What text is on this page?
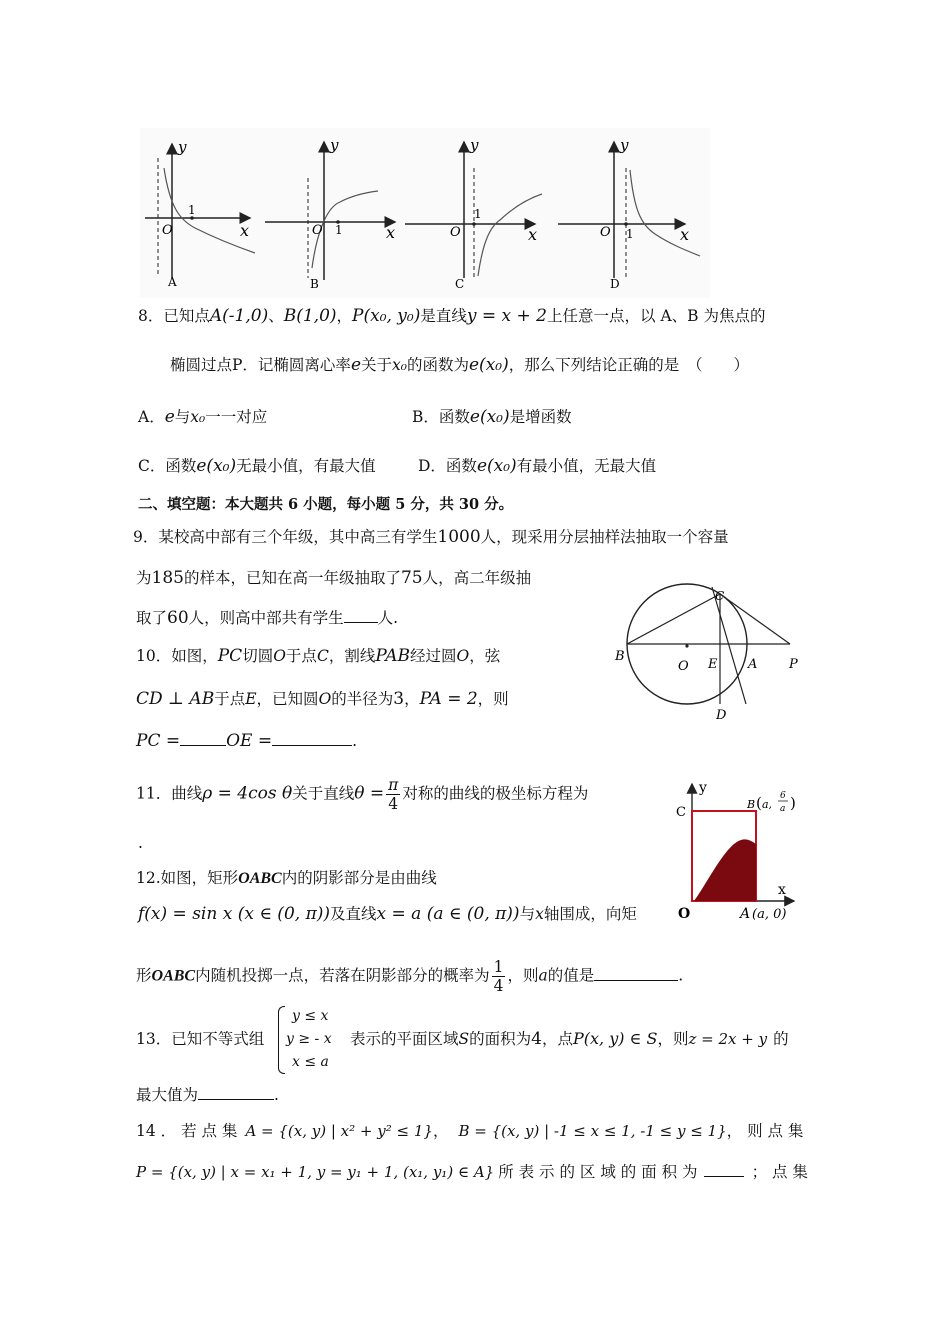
y
x
O
1
A
y
x
O 1
B
y
x
O
1
C
y
x
O 1
D
8．已知点A(-1,0)、B(1,0)，P(x₀, y₀)是直线y = x + 2上任意一点，以 A、B 为焦点的
椭圆过点P．记椭圆离心率e关于x₀的函数为e(x₀)，那么下列结论正确的是　（　　）
A．e与x₀一一对应	B．函数e(x₀)是增函数
C．函数e(x₀)无最小值，有最大值	D．函数e(x₀)有最小值，无最大值
二、填空题：本大题共 6 小题，每小题 5 分，共 30 分。
9．某校高中部有三个年级，其中高三有学生1000人，现采用分层抽样法抽取一个容量
为185的样本，已知在高一年级抽取了75人，高二年级抽
取了60人，则高中部共有学生 人.
B
O E A P
C
D
10．如图，PC切圆O于点C，割线PAB经过圆O，弦
CD ⊥ AB于点E，已知圆O的半径为3，PA = 2，则
PC =	OE =	.
11．曲线ρ = 4cos θ关于直线$\theta = \frac{\pi}{4}$ 对称的曲线的极坐标方程为
.
y
x
C
B ( a,
6
a )
O	A (a, 0)
12.如图，矩形OABC内的阴影部分是由曲线
f(x) = sin x (x ∈ (0, π))及直线x = a (a ∈ (0, π))与x轴围成，向矩
形OABC内随机投掷一点，若落在阴影部分的概率为 $\frac{1}{4}$ ，则a的值是	.
y ≤ x
y ≥ - x
x ≤ a
13．已知不等式组	表示的平面区域S的面积为4，点P(x, y) ∈ S，则z = 2x + y 的
最大值为	.
14 ． 若 点 集 A = {(x, y) | x² + y² ≤ 1}， B = {(x, y) | -1 ≤ x ≤ 1, -1 ≤ y ≤ 1}， 则 点 集
P = {(x, y) | x = x₁ + 1, y = y₁ + 1, (x₁, y₁) ∈ A} 所 表 示 的 区 域 的 面 积 为	； 点 集
